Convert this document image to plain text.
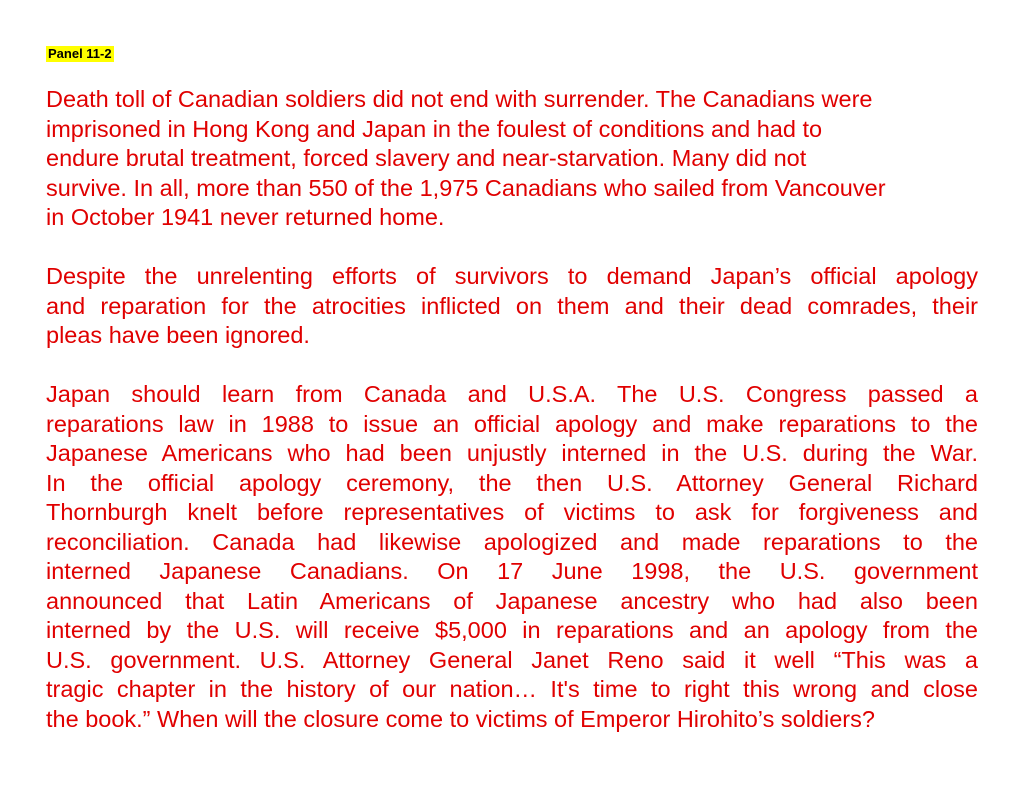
Panel 11-2
Death toll of Canadian soldiers did not end with surrender. The Canadians were
imprisoned in Hong Kong and Japan in the foulest of conditions and had to
endure brutal treatment, forced slavery and near-starvation. Many did not
survive. In all, more than 550 of the 1,975 Canadians who sailed from Vancouver
in October 1941 never returned home.
Despite the unrelenting efforts of survivors to demand Japan’s official apology
and reparation for the atrocities inflicted on them and their dead comrades, their
pleas have been ignored.
Japan should learn from Canada and U.S.A. The U.S. Congress passed a
reparations law in 1988 to issue an official apology and make reparations to the
Japanese Americans who had been unjustly interned in the U.S. during the War.
In the official apology ceremony, the then U.S. Attorney General Richard
Thornburgh knelt before representatives of victims to ask for forgiveness and
reconciliation. Canada had likewise apologized and made reparations to the
interned Japanese Canadians. On 17 June 1998, the U.S. government
announced that Latin Americans of Japanese ancestry who had also been
interned by the U.S. will receive $5,000 in reparations and an apology from the
U.S. government. U.S. Attorney General Janet Reno said it well “This was a
tragic chapter in the history of our nation… It's time to right this wrong and close
the book.” When will the closure come to victims of Emperor Hirohito’s soldiers?
